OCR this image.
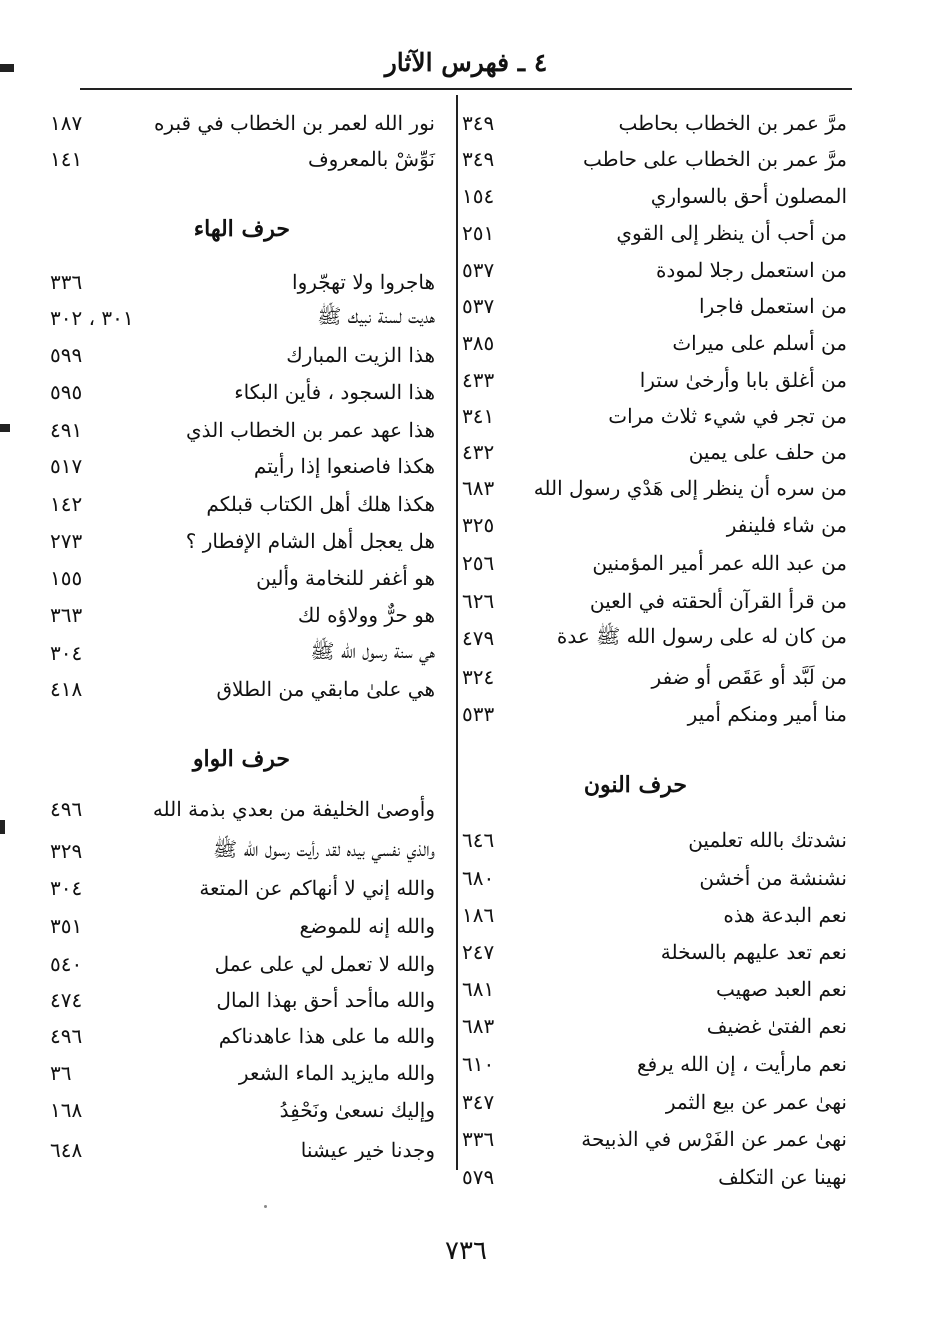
٤ ـ فهرس الآثار
مرَّ عمر بن الخطاب بحاطب
٣٤٩
مرَّ عمر بن الخطاب على حاطب
٣٤٩
المصلون أحق بالسواري
١٥٤
من أحب أن ينظر إلى القوي
٢٥١
من استعمل رجلا لمودة
٥٣٧
من استعمل فاجرا
٥٣٧
من أسلم على ميراث
٣٨٥
من أغلق بابا وأرخىٰ سترا
٤٣٣
من تجر في شيء ثلاث مرات
٣٤١
من حلف على يمين
٤٣٢
من سره أن ينظر إلى هَدْي رسول الله
٦٨٣
من شاء فلينفر
٣٢٥
من عبد الله عمر أمير المؤمنين
٢٥٦
من قرأ القرآن ألحقته في العين
٦٢٦
من كان له على رسول الله ﷺ عدة
٤٧٩
من لَبَّد أو عَقَص أو ضفر
٣٢٤
منا أمير ومنكم أمير
٥٣٣
حرف النون
نشدتك بالله تعلمين
٦٤٦
نشنشة من أخشن
٦٨٠
نعم البدعة هذه
١٨٦
نعم تعد عليهم بالسخلة
٢٤٧
نعم العبد صهيب
٦٨١
نعم الفتىٰ غضيف
٦٨٣
نعم مارأيت ، إن الله يرفع
٦١٠
نهىٰ عمر عن بيع الثمر
٣٤٧
نهىٰ عمر عن الفَرْس في الذبيحة
٣٣٦
نهينا عن التكلف
٥٧٩
نور الله لعمر بن الخطاب في قبره
١٨٧
نَوِّشْ بالمعروف
١٤١
حرف الهاء
هاجروا ولا تهجّروا
٣٣٦
هديت لسنة نبيك ﷺ
٣٠١ ، ٣٠٢
هذا الزيت المبارك
٥٩٩
هذا السجود ، فأين البكاء
٥٩٥
هذا عهد عمر بن الخطاب الذي
٤٩١
هكذا فاصنعوا إذا رأيتم
٥١٧
هكذا هلك أهل الكتاب قبلكم
١٤٢
هل يعجل أهل الشام الإفطار ؟
٢٧٣
هو أغفر للنخامة وألين
١٥٥
هو حرٌّ وولاؤه لك
٣٦٣
هي سنة رسول الله ﷺ
٣٠٤
هي علىٰ مابقي من الطلاق
٤١٨
حرف الواو
وأوصىٰ الخليفة من بعدي بذمة الله
٤٩٦
والذي نفسي بيده لقد رأيت رسول الله ﷺ
٣٢٩
والله إني لا أنهاكم عن المتعة
٣٠٤
والله إنه للموضع
٣٥١
والله لا تعمل لي على عمل
٥٤٠
والله ماأحد أحق بهذا المال
٤٧٤
والله ما على هذا عاهدناكم
٤٩٦
والله مايزيد الماء الشعر
٣٦
وإليك نسعىٰ ونَحْفِدُ
١٦٨
وجدنا خير عيشنا
٦٤٨
٧٣٦
